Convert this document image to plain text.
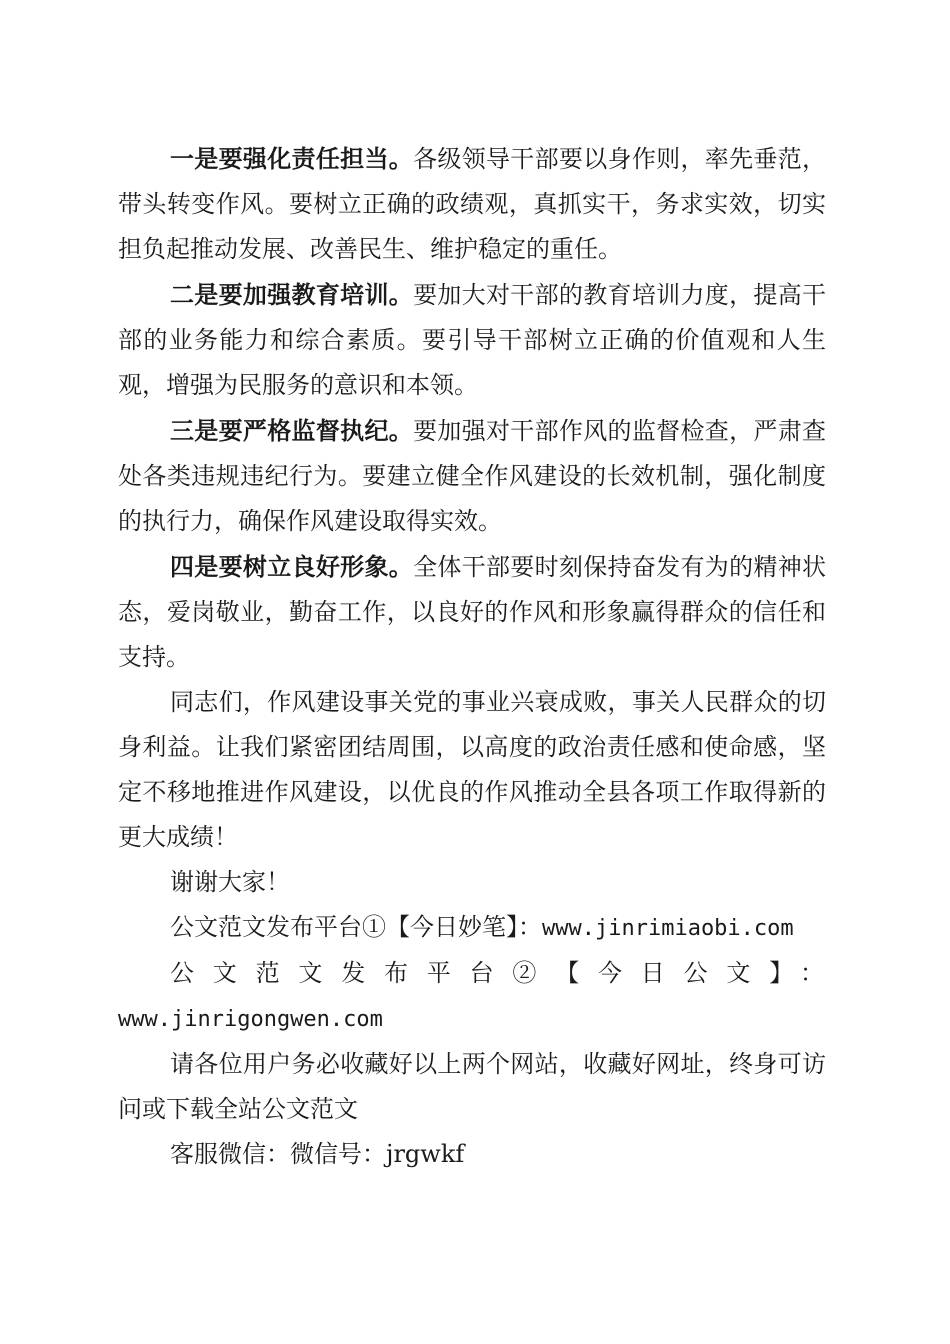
一是要强化责任担当。各级领导干部要以身作则，率先垂范，带头转变作风。要树立正确的政绩观，真抓实干，务求实效，切实担负起推动发展、改善民生、维护稳定的重任。

二是要加强教育培训。要加大对干部的教育培训力度，提高干部的业务能力和综合素质。要引导干部树立正确的价值观和人生观，增强为民服务的意识和本领。

三是要严格监督执纪。要加强对干部作风的监督检查，严肃查处各类违规违纪行为。要建立健全作风建设的长效机制，强化制度的执行力，确保作风建设取得实效。

四是要树立良好形象。全体干部要时刻保持奋发有为的精神状态，爱岗敬业，勤奋工作，以良好的作风和形象赢得群众的信任和支持。

同志们，作风建设事关党的事业兴衰成败，事关人民群众的切身利益。让我们紧密团结周围，以高度的政治责任感和使命感，坚定不移地推进作风建设，以优良的作风推动全县各项工作取得新的更大成绩！

谢谢大家！

公文范文发布平台①【今日妙笔】：www.jinrimiaobi.com

公文范文发布平台②【今日公文】：

www.jinrigongwen.com

请各位用户务必收藏好以上两个网站，收藏好网址，终身可访问或下载全站公文范文

客服微信：微信号：jrgwkf
